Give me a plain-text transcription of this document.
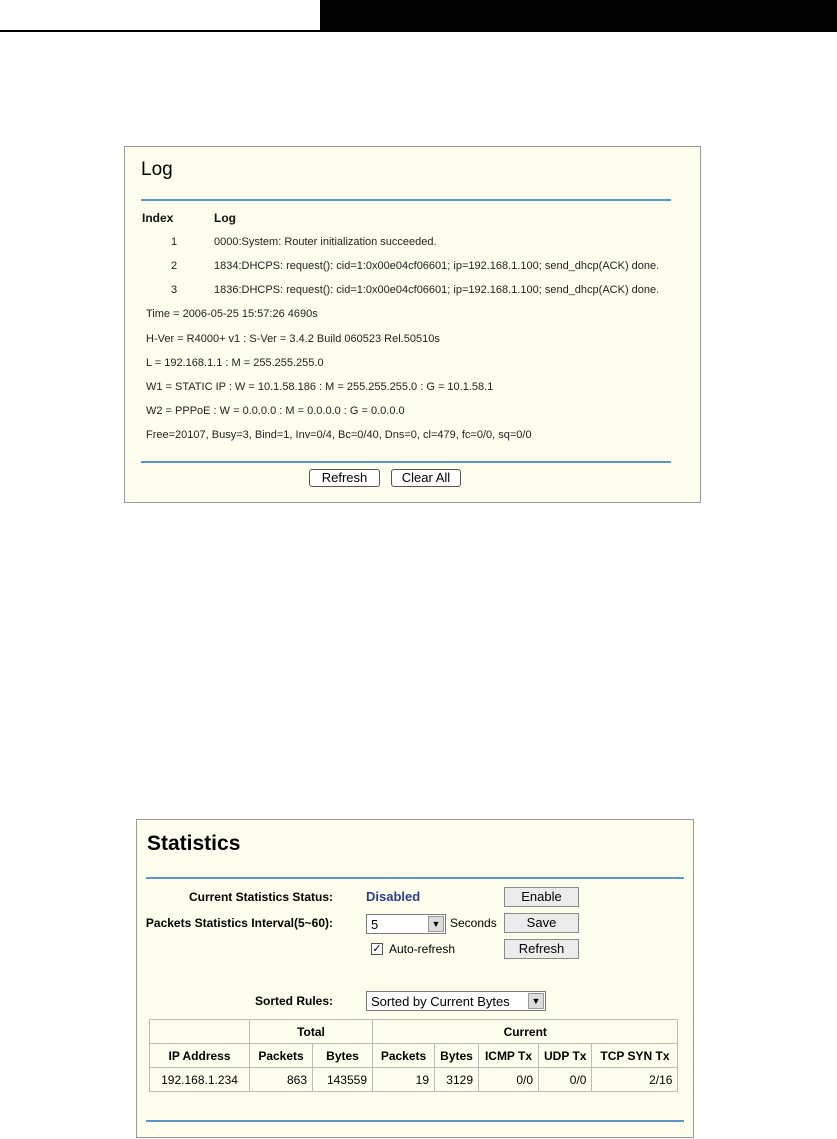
Log
Index	Log
1	0000:System: Router initialization succeeded.
2	1834:DHCPS: request(): cid=1:0x00e04cf06601; ip=192.168.1.100; send_dhcp(ACK) done.
3	1836:DHCPS: request(): cid=1:0x00e04cf06601; ip=192.168.1.100; send_dhcp(ACK) done.
Time = 2006-05-25 15:57:26 4690s
H-Ver = R4000+ v1 : S-Ver = 3.4.2 Build 060523 Rel.50510s
L = 192.168.1.1 : M = 255.255.255.0
W1 = STATIC IP : W = 10.1.58.186 : M = 255.255.255.0 : G = 10.1.58.1
W2 = PPPoE : W = 0.0.0.0 : M = 0.0.0.0 : G = 0.0.0.0
Free=20107, Busy=3, Bind=1, Inv=0/4, Bc=0/40, Dns=0, cl=479, fc=0/0, sq=0/0
Refresh	Clear All
Statistics
Current Statistics Status:	Disabled	Enable
Packets Statistics Interval(5~60):	5	▼ Seconds	Save
✓ Auto-refresh	Refresh
Sorted Rules:	Sorted by Current Bytes	▼
	Total		Current				
IP Address	Packets	Bytes	Packets	Bytes	ICMP Tx	UDP Tx	TCP SYN Tx
192.168.1.234	863	143559	19	3129	0/0	0/0	2/16
